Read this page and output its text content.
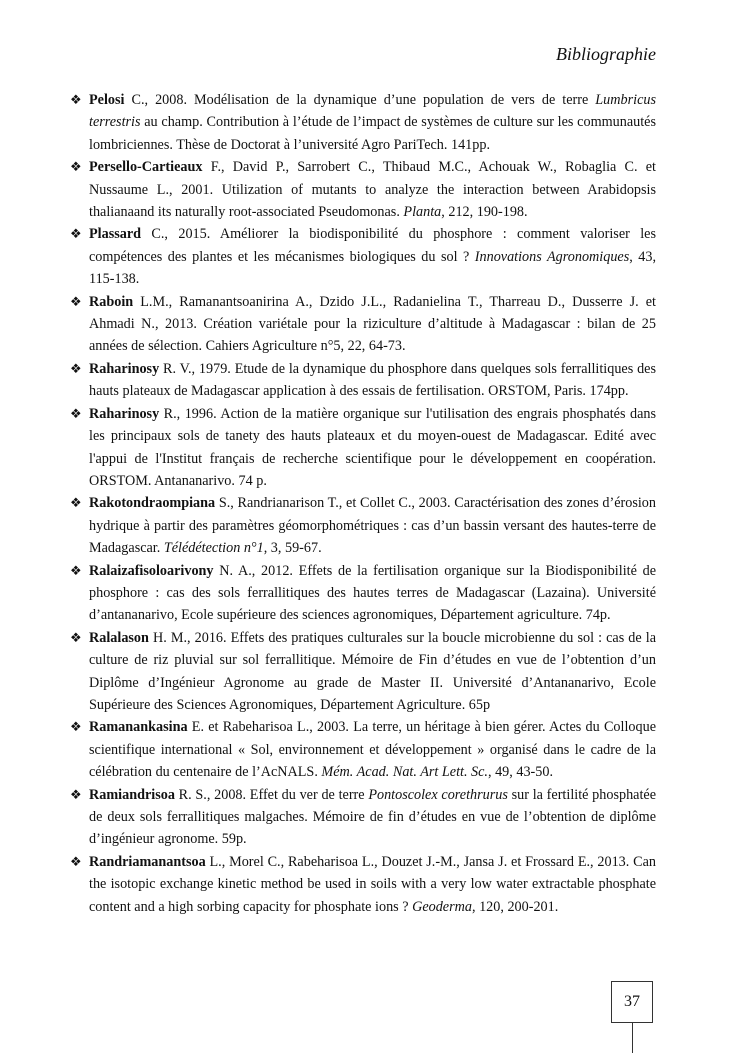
Bibliographie
❖ Pelosi C., 2008. Modélisation de la dynamique d’une population de vers de terre Lumbricus terrestris au champ. Contribution à l’étude de l’impact de systèmes de culture sur les communautés lombriciennes. Thèse de Doctorat à l’université Agro PariTech. 141pp.
❖ Persello-Cartieaux F., David P., Sarrobert C., Thibaud M.C., Achouak W., Robaglia C. et Nussaume L., 2001. Utilization of mutants to analyze the interaction between Arabidopsis thalianaand its naturally root-associated Pseudomonas. Planta, 212, 190-198.
❖ Plassard C., 2015. Améliorer la biodisponibilité du phosphore : comment valoriser les compétences des plantes et les mécanismes biologiques du sol ? Innovations Agronomiques, 43, 115-138.
❖ Raboin L.M., Ramanantsoanirina A., Dzido J.L., Radanielina T., Tharreau D., Dusserre J. et Ahmadi N., 2013. Création variétale pour la riziculture d’altitude à Madagascar : bilan de 25 années de sélection. Cahiers Agriculture n°5, 22, 64-73.
❖ Raharinosy R. V., 1979. Etude de la dynamique du phosphore dans quelques sols ferrallitiques des hauts plateaux de Madagascar application à des essais de fertilisation. ORSTOM, Paris. 174pp.
❖ Raharinosy R., 1996. Action de la matière organique sur l'utilisation des engrais phosphatés dans les principaux sols de tanety des hauts plateaux et du moyen-ouest de Madagascar. Edité avec l'appui de l'Institut français de recherche scientifique pour le développement en coopération. ORSTOM. Antananarivo. 74 p.
❖ Rakotondraompiana S., Randrianarison T., et Collet C., 2003. Caractérisation des zones d’érosion hydrique à partir des paramètres géomorphométriques : cas d’un bassin versant des hautes-terre de Madagascar. Télédétection n°1, 3, 59-67.
❖ Ralaizafisoloarivony N. A., 2012. Effets de la fertilisation organique sur la Biodisponibilité de phosphore : cas des sols ferrallitiques des hautes terres de Madagascar (Lazaina). Université d’antananarivo, Ecole supérieure des sciences agronomiques, Département agriculture. 74p.
❖ Ralalason H. M., 2016. Effets des pratiques culturales sur la boucle microbienne du sol : cas de la culture de riz pluvial sur sol ferrallitique. Mémoire de Fin d’études en vue de l’obtention d’un Diplôme d’Ingénieur Agronome au grade de Master II. Université d’Antananarivo, Ecole Supérieure des Sciences Agronomiques, Département Agriculture. 65p
❖ Ramanankasina E. et Rabeharisoa L., 2003. La terre, un héritage à bien gérer. Actes du Colloque scientifique international « Sol, environnement et développement » organisé dans le cadre de la célébration du centenaire de l’AcNALS. Mém. Acad. Nat. Art Lett. Sc., 49, 43-50.
❖ Ramiandrisoa R. S., 2008. Effet du ver de terre Pontoscolex corethrurus sur la fertilité phosphatée de deux sols ferrallitiques malgaches. Mémoire de fin d’études en vue de l’obtention de diplôme d’ingénieur agronome. 59p.
❖ Randriamanantsoa L., Morel C., Rabeharisoa L., Douzet J.-M., Jansa J. et Frossard E., 2013. Can the isotopic exchange kinetic method be used in soils with a very low water extractable phosphate content and a high sorbing capacity for phosphate ions ? Geoderma, 120, 200-201.
37
